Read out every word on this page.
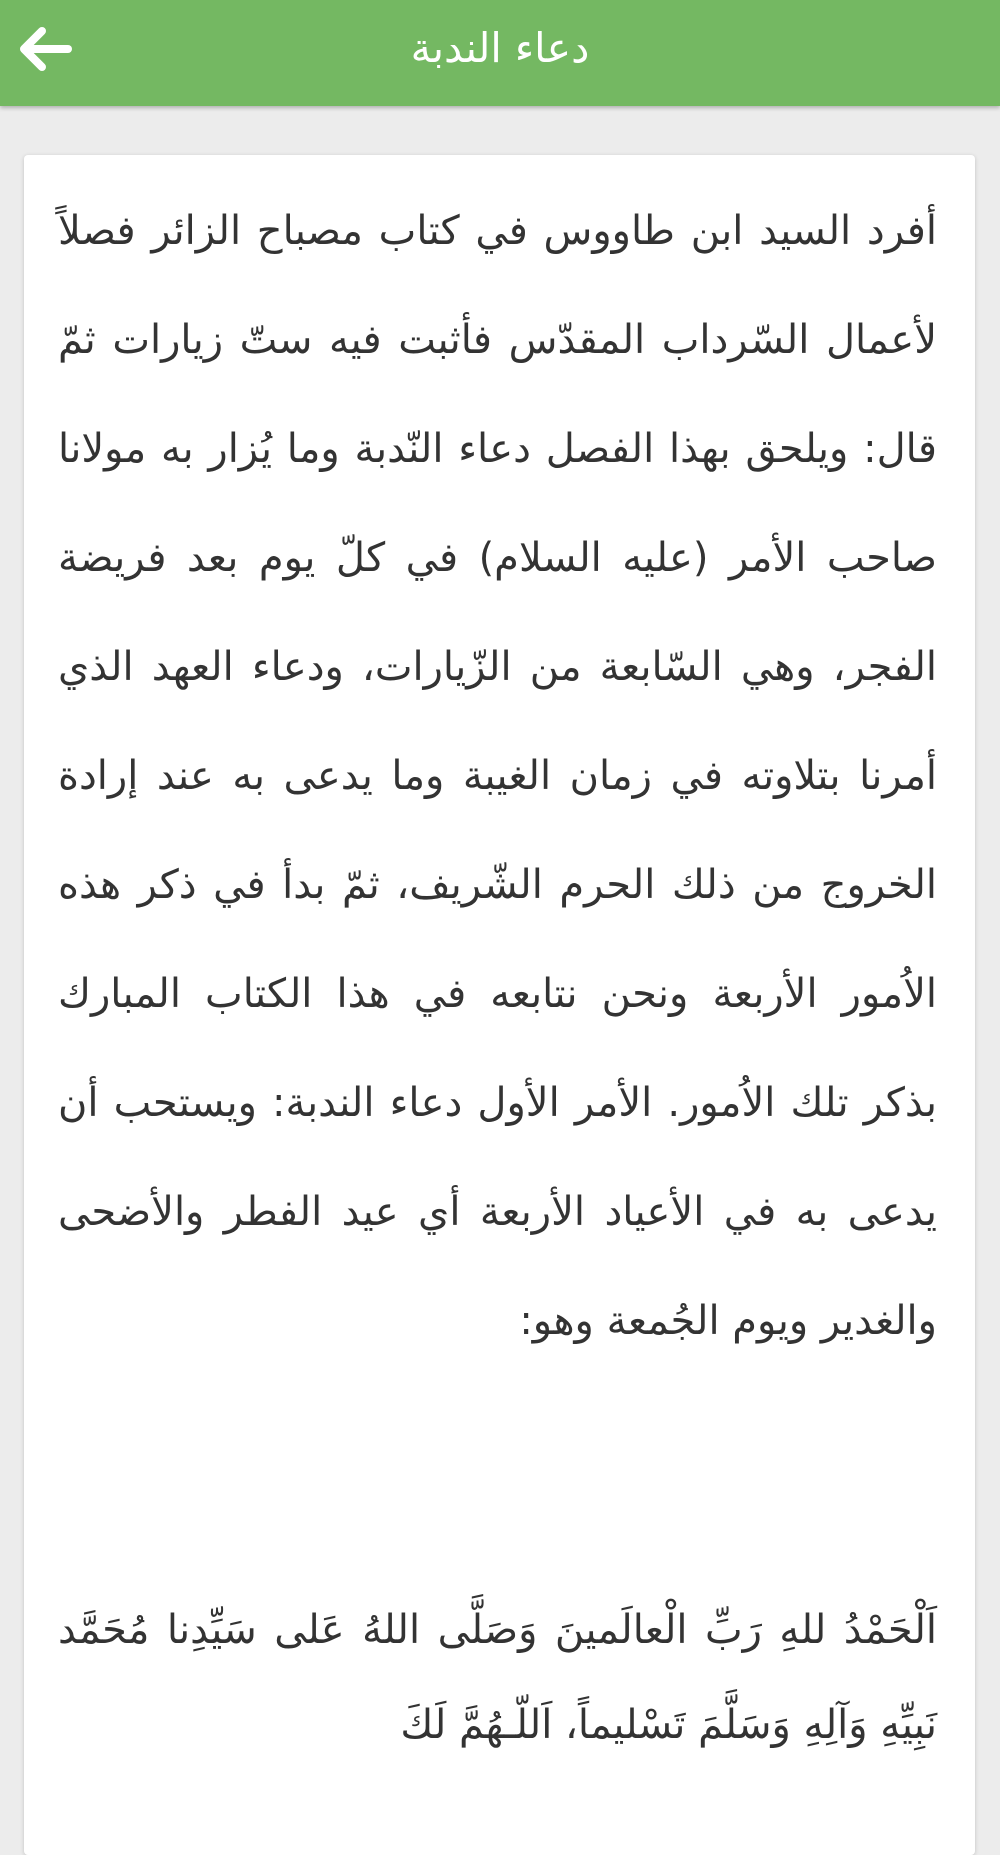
دعاء الندبة

أفرد السيد ابن طاووس في كتاب مصباح الزائر فصلاً لأعمال السّرداب المقدّس فأثبت فيه ستّ زيارات ثمّ قال: ويلحق بهذا الفصل دعاء النّدبة وما يُزار به مولانا صاحب الأمر (عليه السلام) في كلّ يوم بعد فريضة الفجر، وهي السّابعة من الزّيارات، ودعاء العهد الذي أمرنا بتلاوته في زمان الغيبة وما يدعى به عند إرادة الخروج من ذلك الحرم الشّريف، ثمّ بدأ في ذكر هذه الاُمور الأربعة ونحن نتابعه في هذا الكتاب المبارك بذكر تلك الاُمور. الأمر الأول دعاء الندبة: ويستحب أن يدعى به في الأعياد الأربعة أي عيد الفطر والأضحى والغدير ويوم الجُمعة وهو:

اَلْحَمْدُ للهِ رَبِّ الْعالَمينَ وَصَلَّى اللهُ عَلى سَيِّدِنا مُحَمَّد نَبِيِّهِ وَآلِهِ وَسَلَّمَ تَسْليماً، اَللّـهُمَّ لَكَ
